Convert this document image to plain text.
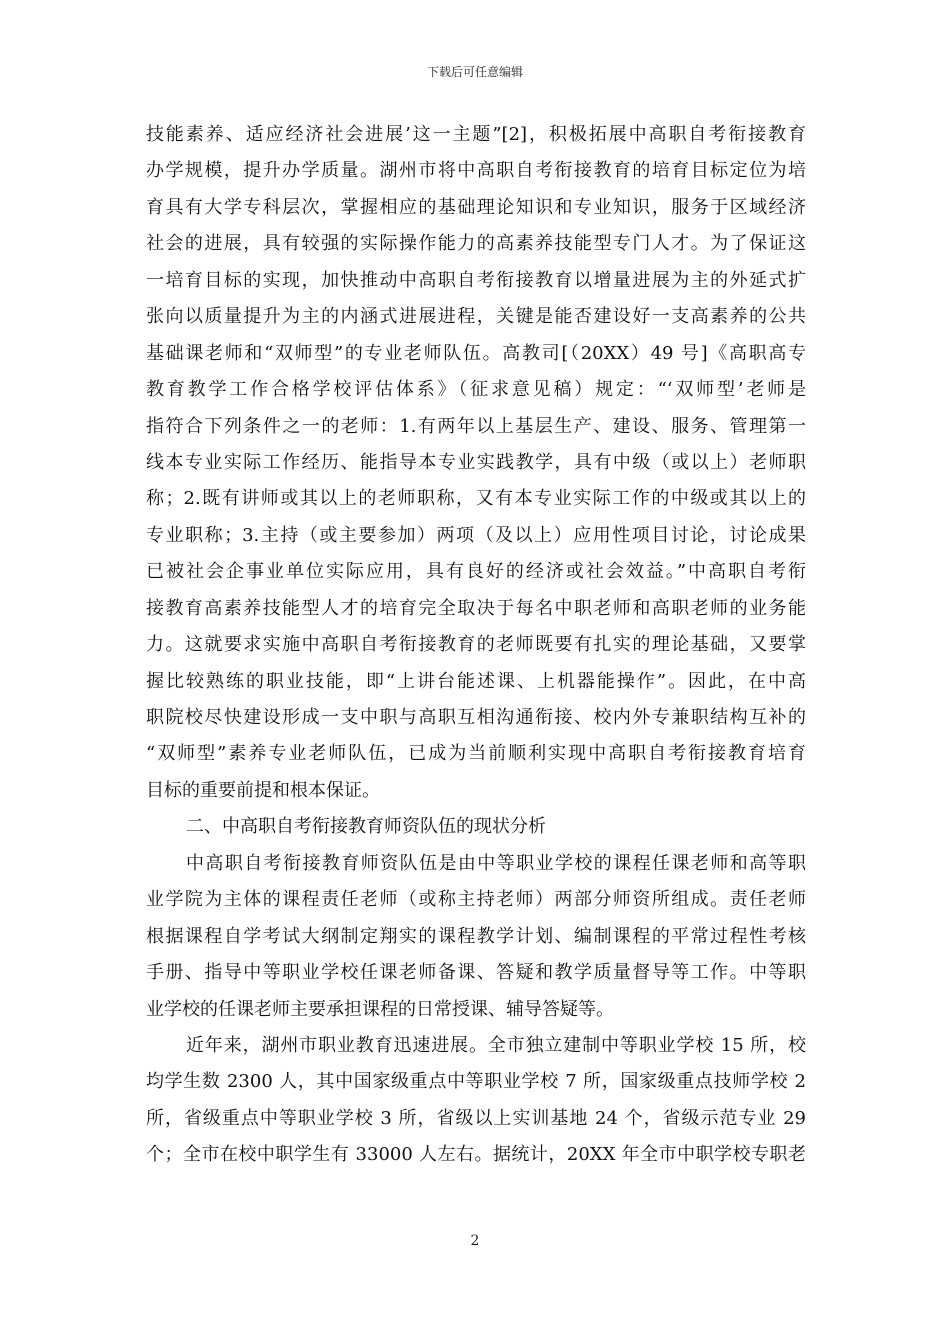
下载后可任意编辑
技能素养、适应经济社会进展’这一主题”[2]，积极拓展中高职自考衔接教育
办学规模，提升办学质量。湖州市将中高职自考衔接教育的培育目标定位为培
育具有大学专科层次，掌握相应的基础理论知识和专业知识，服务于区域经济
社会的进展，具有较强的实际操作能力的高素养技能型专门人才。为了保证这
一培育目标的实现，加快推动中高职自考衔接教育以增量进展为主的外延式扩
张向以质量提升为主的内涵式进展进程，关键是能否建设好一支高素养的公共
基础课老师和“双师型”的专业老师队伍。高教司[（20XX）49 号]《高职高专
教育教学工作合格学校评估体系》（征求意见稿）规定：“‘双师型’老师是
指符合下列条件之一的老师：1.有两年以上基层生产、建设、服务、管理第一
线本专业实际工作经历、能指导本专业实践教学，具有中级（或以上）老师职
称；2.既有讲师或其以上的老师职称，又有本专业实际工作的中级或其以上的
专业职称；3.主持（或主要参加）两项（及以上）应用性项目讨论，讨论成果
已被社会企事业单位实际应用，具有良好的经济或社会效益。”中高职自考衔
接教育高素养技能型人才的培育完全取决于每名中职老师和高职老师的业务能
力。这就要求实施中高职自考衔接教育的老师既要有扎实的理论基础，又要掌
握比较熟练的职业技能，即“上讲台能述课、上机器能操作”。因此，在中高
职院校尽快建设形成一支中职与高职互相沟通衔接、校内外专兼职结构互补的
“双师型”素养专业老师队伍，已成为当前顺利实现中高职自考衔接教育培育
目标的重要前提和根本保证。
二、中高职自考衔接教育师资队伍的现状分析
中高职自考衔接教育师资队伍是由中等职业学校的课程任课老师和高等职
业学院为主体的课程责任老师（或称主持老师）两部分师资所组成。责任老师
根据课程自学考试大纲制定翔实的课程教学计划、编制课程的平常过程性考核
手册、指导中等职业学校任课老师备课、答疑和教学质量督导等工作。中等职
业学校的任课老师主要承担课程的日常授课、辅导答疑等。
近年来，湖州市职业教育迅速进展。全市独立建制中等职业学校 15 所，校
均学生数 2300 人，其中国家级重点中等职业学校 7 所，国家级重点技师学校 2
所，省级重点中等职业学校 3 所，省级以上实训基地 24 个，省级示范专业 29
个；全市在校中职学生有 33000 人左右。据统计，20XX 年全市中职学校专职老
2
